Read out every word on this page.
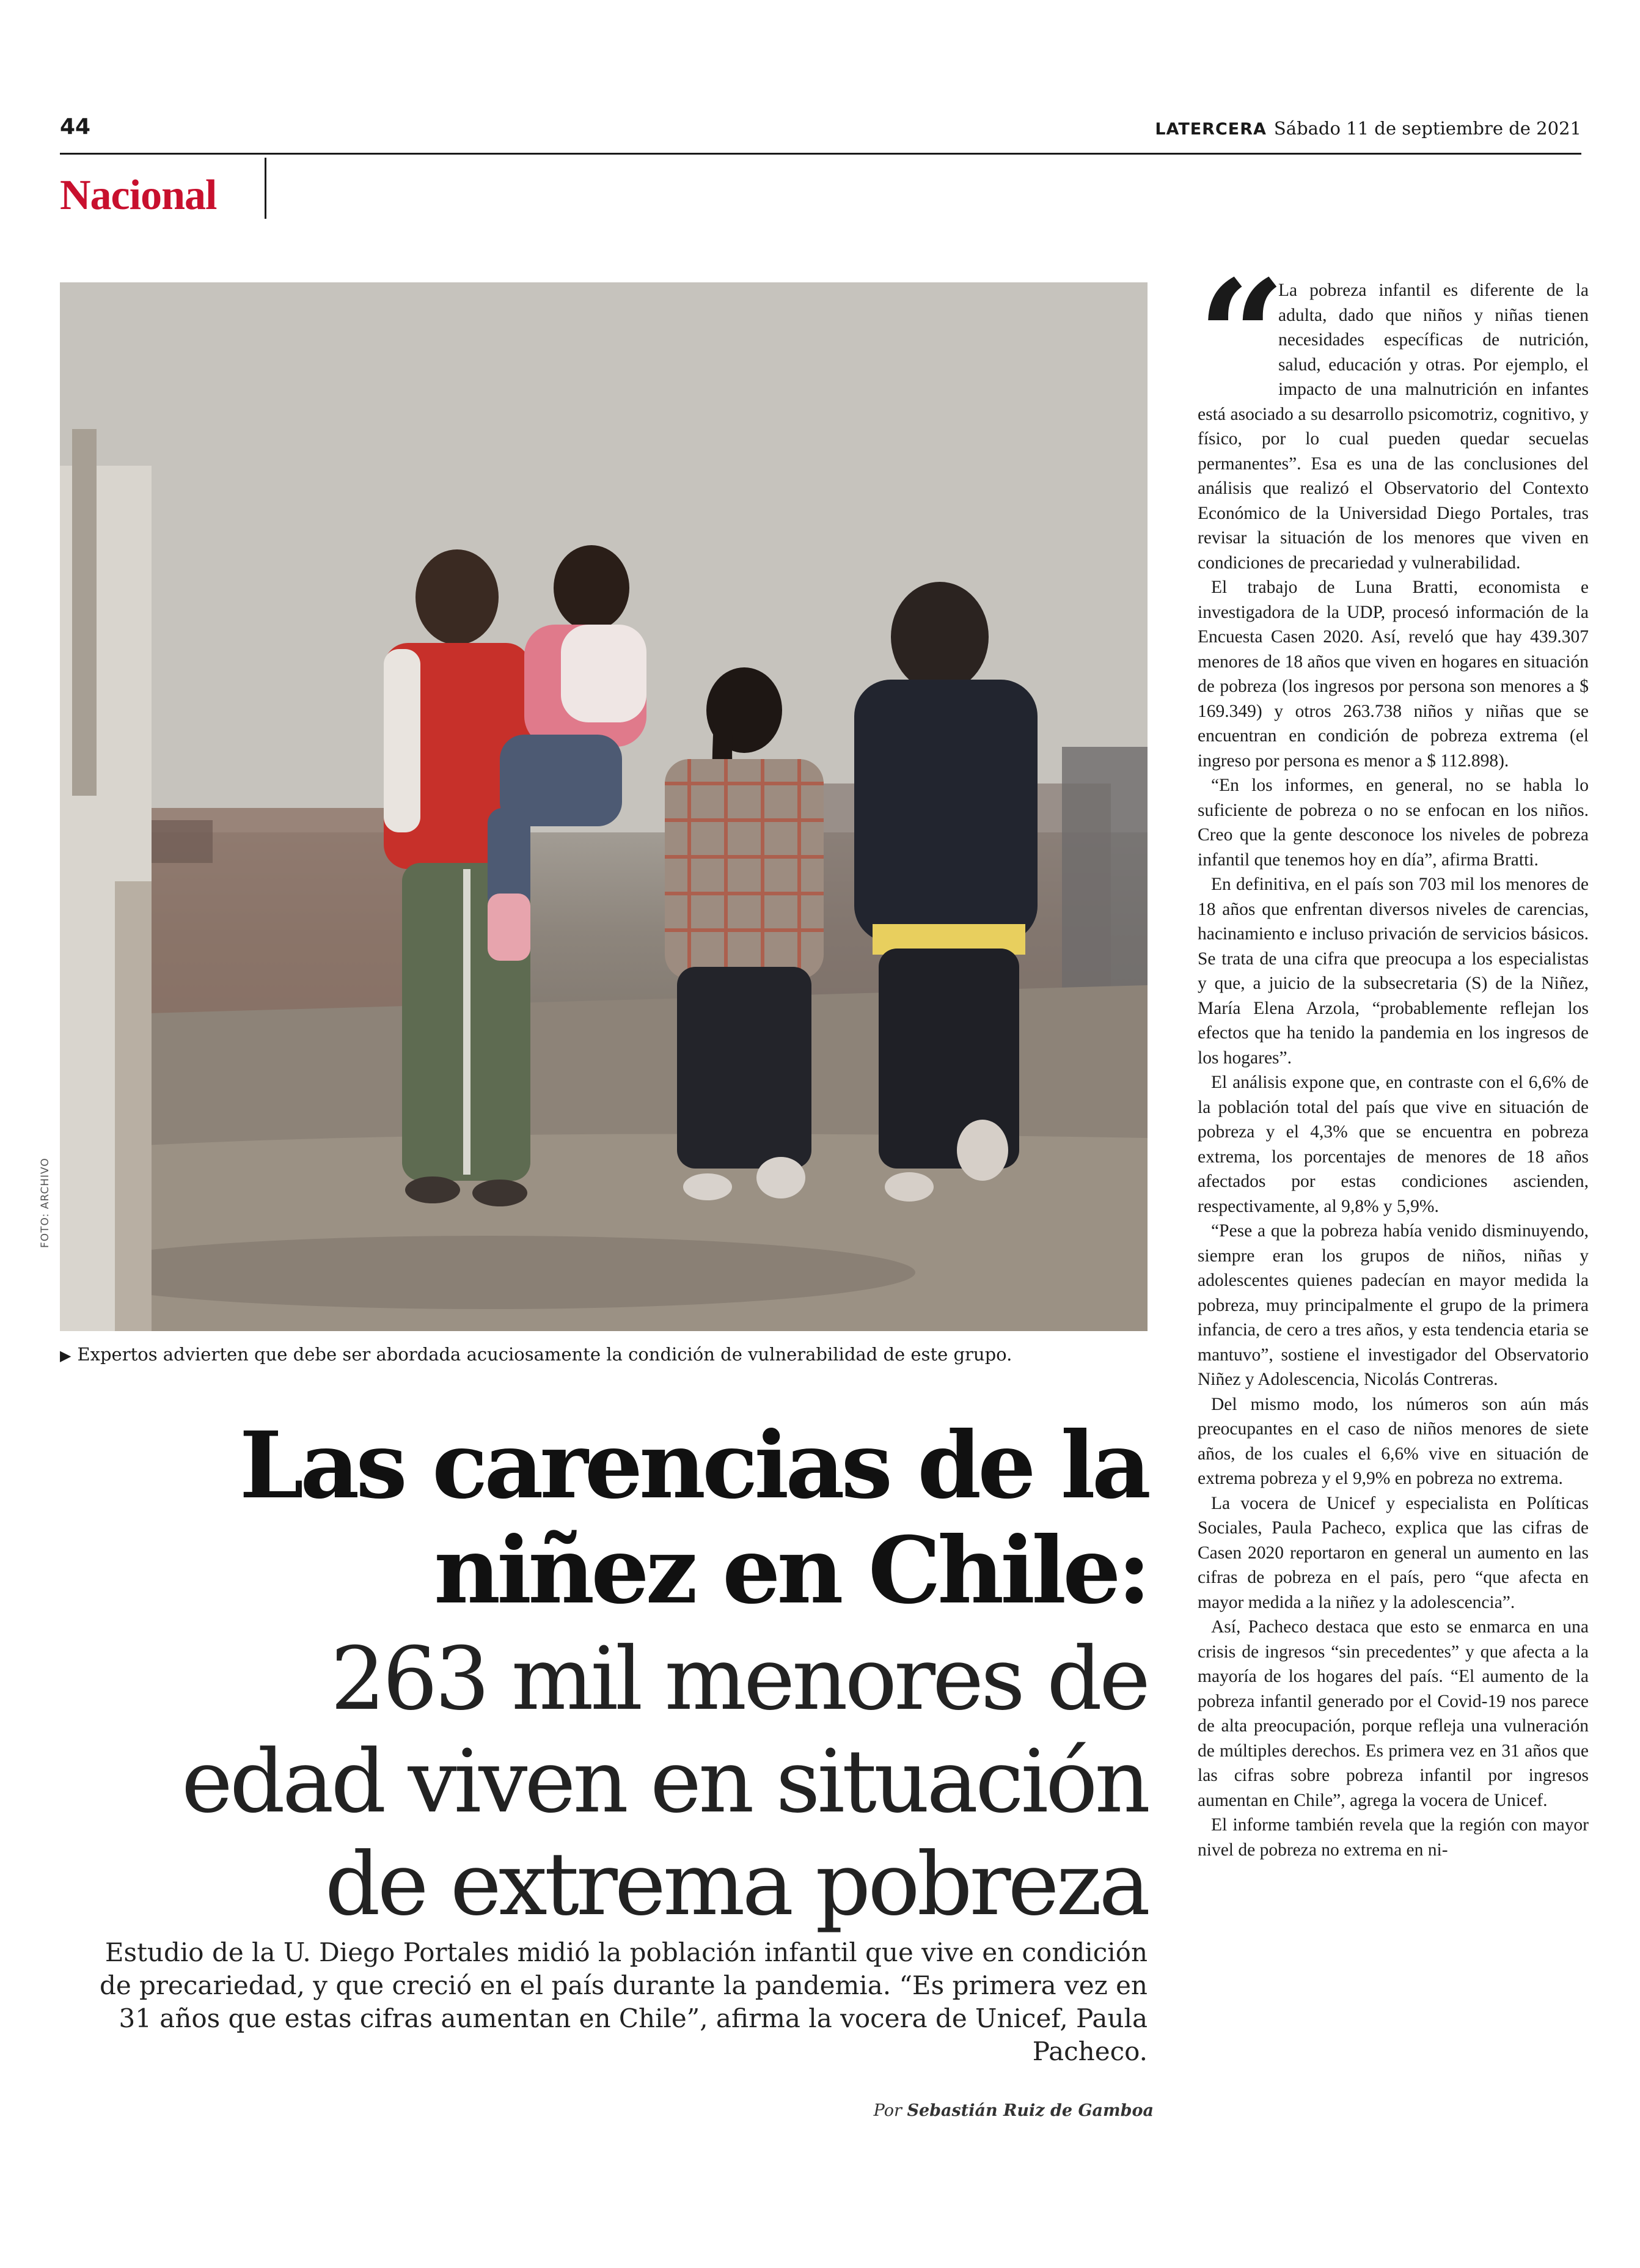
44	LATERCERA Sábado 11 de septiembre de 2021
Nacional
FOTO: ARCHIVO
▶ Expertos advierten que debe ser abordada acuciosamente la condición de vulnerabilidad de este grupo.
Las carencias de la
niñez en Chile:
263 mil menores de
edad viven en situación
de extrema pobreza
Estudio de la U. Diego Portales midió la población infantil que vive en condición de precariedad, y que creció en el país durante la pandemia. “Es primera vez en 31 años que estas cifras aumentan en Chile”, afirma la vocera de Unicef, Paula Pacheco.
Por Sebastián Ruiz de Gamboa
“ La pobreza infantil es diferente de la adulta, dado que niños y niñas tienen necesidades específicas de nutrición, salud, educación y otras. Por ejemplo, el impacto de una malnutrición en infantes está asociado a su desarrollo psicomotriz, cognitivo, y físico, por lo cual pueden quedar secuelas permanentes”. Esa es una de las conclusiones del análisis que realizó el Observatorio del Contexto Económico de la Universidad Diego Portales, tras revisar la situación de los menores que viven en condiciones de precariedad y vulnerabilidad.

El trabajo de Luna Bratti, economista e investigadora de la UDP, procesó información de la Encuesta Casen 2020. Así, reveló que hay 439.307 menores de 18 años que viven en hogares en situación de pobreza (los ingresos por persona son menores a $ 169.349) y otros 263.738 niños y niñas que se encuentran en condición de pobreza extrema (el ingreso por persona es menor a $ 112.898).

“En los informes, en general, no se habla lo suficiente de pobreza o no se enfocan en los niños. Creo que la gente desconoce los niveles de pobreza infantil que tenemos hoy en día”, afirma Bratti.

En definitiva, en el país son 703 mil los menores de 18 años que enfrentan diversos niveles de carencias, hacinamiento e incluso privación de servicios básicos. Se trata de una cifra que preocupa a los especialistas y que, a juicio de la subsecretaria (S) de la Niñez, María Elena Arzola, “probablemente reflejan los efectos que ha tenido la pandemia en los ingresos de los hogares”.

El análisis expone que, en contraste con el 6,6% de la población total del país que vive en situación de pobreza y el 4,3% que se encuentra en pobreza extrema, los porcentajes de menores de 18 años afectados por estas condiciones ascienden, respectivamente, al 9,8% y 5,9%.

“Pese a que la pobreza había venido disminuyendo, siempre eran los grupos de niños, niñas y adolescentes quienes padecían en mayor medida la pobreza, muy principalmente el grupo de la primera infancia, de cero a tres años, y esta tendencia etaria se mantuvo”, sostiene el investigador del Observatorio Niñez y Adolescencia, Nicolás Contreras.

Del mismo modo, los números son aún más preocupantes en el caso de niños menores de siete años, de los cuales el 6,6% vive en situación de extrema pobreza y el 9,9% en pobreza no extrema.

La vocera de Unicef y especialista en Políticas Sociales, Paula Pacheco, explica que las cifras de Casen 2020 reportaron en general un aumento en las cifras de pobreza en el país, pero “que afecta en mayor medida a la niñez y la adolescencia”.

Así, Pacheco destaca que esto se enmarca en una crisis de ingresos “sin precedentes” y que afecta a la mayoría de los hogares del país. “El aumento de la pobreza infantil generado por el Covid-19 nos parece de alta preocupación, porque refleja una vulneración de múltiples derechos. Es primera vez en 31 años que las cifras sobre pobreza infantil por ingresos aumentan en Chile”, agrega la vocera de Unicef.

El informe también revela que la región con mayor nivel de pobreza no extrema en ni-
